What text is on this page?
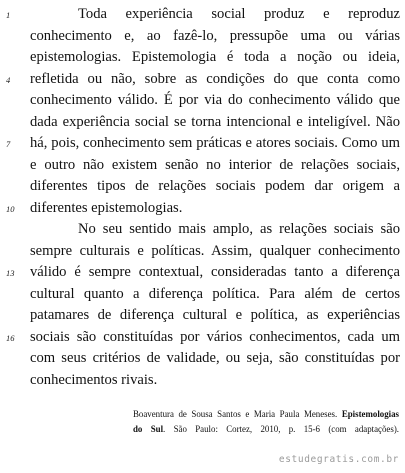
1	Toda experiência social produz e reproduz
conhecimento e, ao fazê-lo, pressupõe uma ou várias
epistemologias. Epistemologia é toda a noção ou ideia,
4	refletida ou não, sobre as condições do que conta como
conhecimento válido. É por via do conhecimento válido que
dada experiência social se torna intencional e inteligível. Não
7	há, pois, conhecimento sem práticas e atores sociais. Como um
e outro não existem senão no interior de relações sociais,
diferentes tipos de relações sociais podem dar origem a
10 diferentes epistemologias.
No seu sentido mais amplo, as relações sociais são
sempre culturais e políticas. Assim, qualquer conhecimento
13 válido é sempre contextual, consideradas tanto a diferença
cultural quanto a diferença política. Para além de certos
patamares de diferença cultural e política, as experiências
16 sociais são constituídas por vários conhecimentos, cada um
com seus critérios de validade, ou seja, são constituídas por
conhecimentos rivais.
Boaventura de Sousa Santos e Maria Paula Meneses. Epistemologias
do Sul. São Paulo: Cortez, 2010, p. 15-6 (com adaptações).
estudegratis.com.br
